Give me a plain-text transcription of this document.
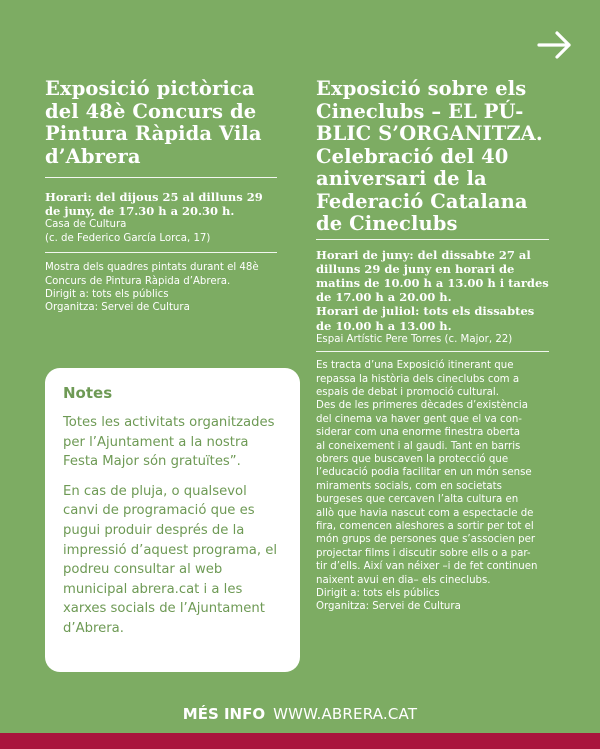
Exposició pictòrica
del 48è Concurs de
Pintura Ràpida Vila
d’Abrera
Horari: del dijous 25 al dilluns 29
de juny, de 17.30 h a 20.30 h.
Casa de Cultura
(c. de Federico García Lorca, 17)
Mostra dels quadres pintats durant el 48è
Concurs de Pintura Ràpida d’Abrera.
Dirigit a: tots els públics
Organitza: Servei de Cultura
Exposició sobre els
Cineclubs – EL PÚ-
BLIC S’ORGANITZA.
Celebració del 40
aniversari de la
Federació Catalana
de Cineclubs
Horari de juny: del dissabte 27 al
dilluns 29 de juny en horari de
matins de 10.00 h a 13.00 h i tardes
de 17.00 h a 20.00 h.
Horari de juliol: tots els dissabtes
de 10.00 h a 13.00 h.
Espai Artístic Pere Torres (c. Major, 22)
Es tracta d’una Exposició itinerant que
repassa la història dels cineclubs com a
espais de debat i promoció cultural.
Des de les primeres dècades d’existència
del cinema va haver gent que el va con-
siderar com una enorme finestra oberta
al coneixement i al gaudi. Tant en barris
obrers que buscaven la protecció que
l’educació podia facilitar en un món sense
miraments socials, com en societats
burgeses que cercaven l’alta cultura en
allò que havia nascut com a espectacle de
fira, comencen aleshores a sortir per tot el
món grups de persones que s’associen per
projectar films i discutir sobre ells o a par-
tir d’ells. Així van néixer –i de fet continuen
naixent avui en dia– els cineclubs.
Dirigit a: tots els públics
Organitza: Servei de Cultura
Notes

Totes les activitats organitzades per l’Ajuntament a la nostra Festa Major són gratuïtes”.

En cas de pluja, o qualsevol canvi de programació que es pugui produir després de la impressió d’aquest programa, el podreu consultar al web municipal abrera.cat i a les xarxes socials de l’Ajuntament d’Abrera.

MÉS INFO WWW.ABRERA.CAT
